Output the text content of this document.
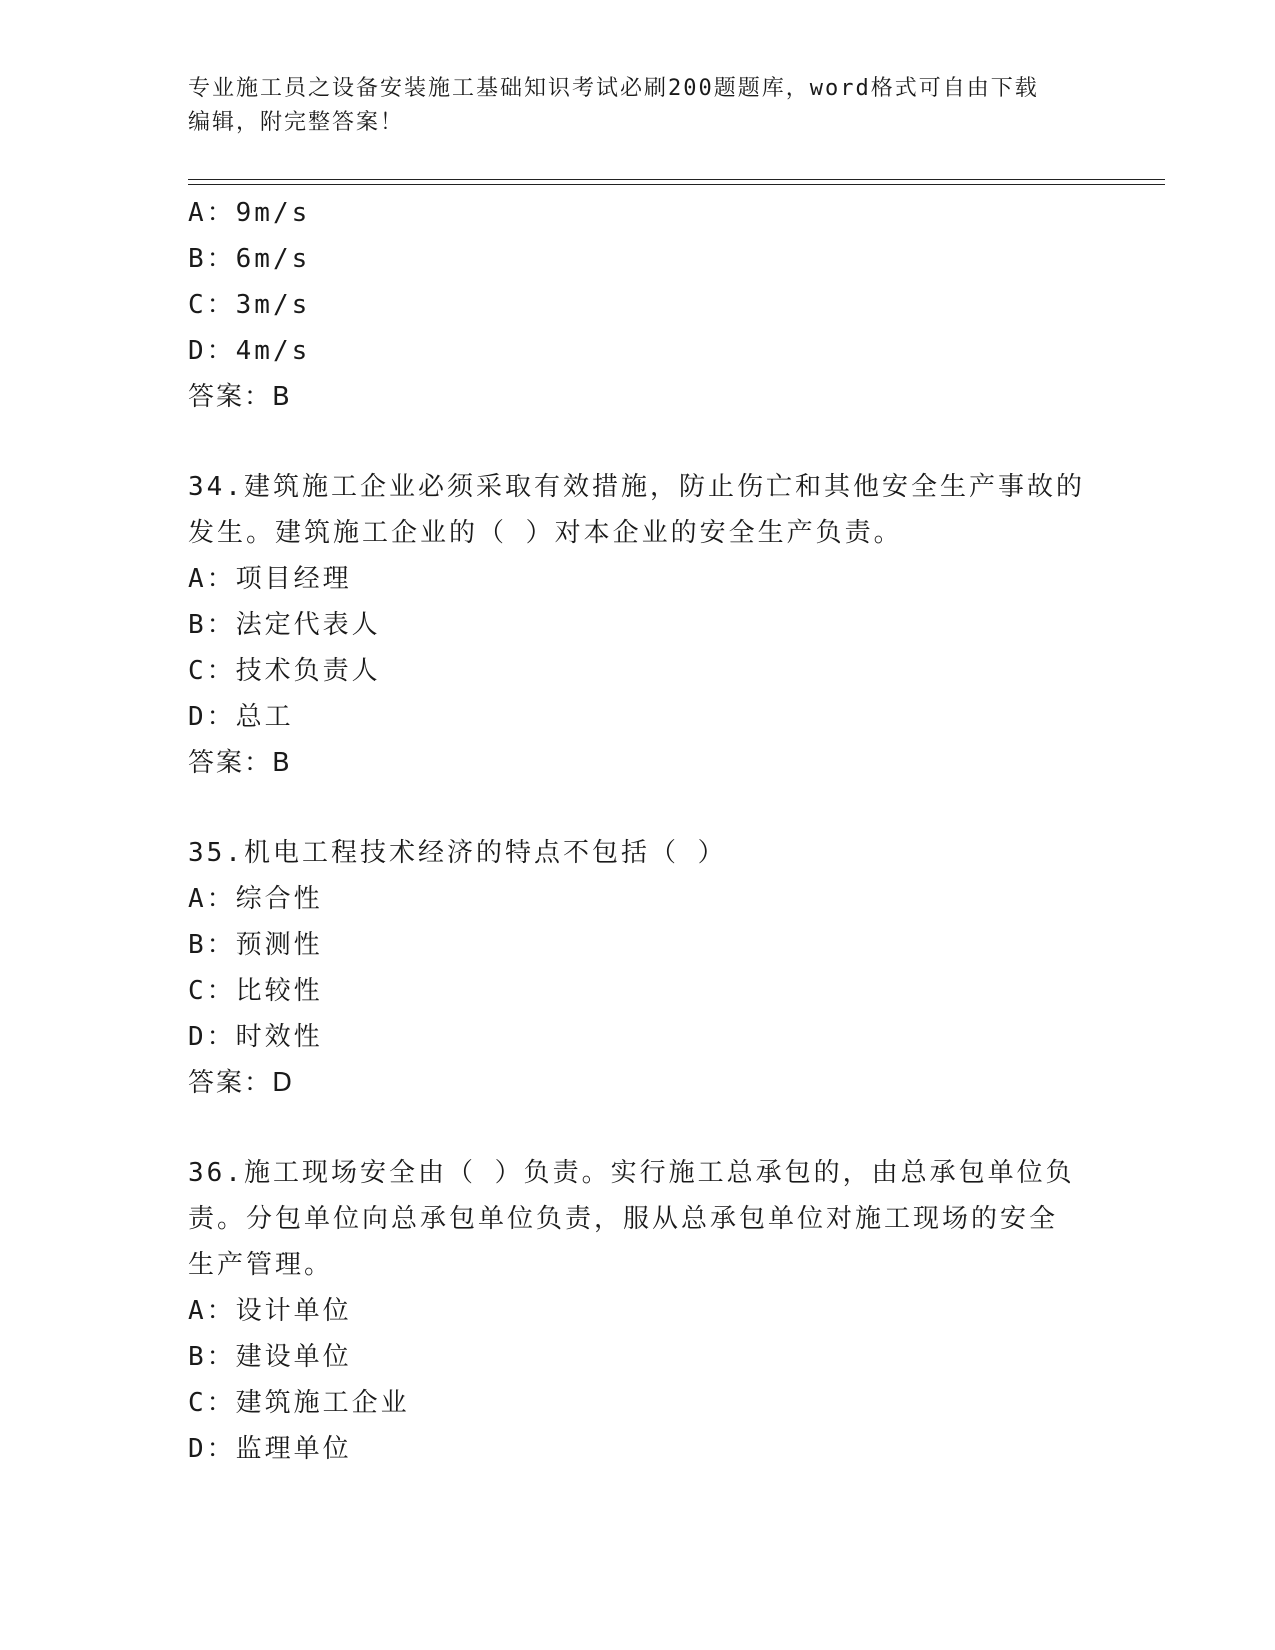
专业施工员之设备安装施工基础知识考试必刷200题题库，word格式可自由下载
编辑，附完整答案！
A：9m/s
B：6m/s
C：3m/s
D：4m/s
答案：B
34.建筑施工企业必须采取有效措施，防止伤亡和其他安全生产事故的
发生。建筑施工企业的（ ）对本企业的安全生产负责。
A：项目经理
B：法定代表人
C：技术负责人
D：总工
答案：B
35.机电工程技术经济的特点不包括（ ）
A：综合性
B：预测性
C：比较性
D：时效性
答案：D
36.施工现场安全由（ ）负责。实行施工总承包的，由总承包单位负
责。分包单位向总承包单位负责，服从总承包单位对施工现场的安全
生产管理。
A：设计单位
B：建设单位
C：建筑施工企业
D：监理单位
